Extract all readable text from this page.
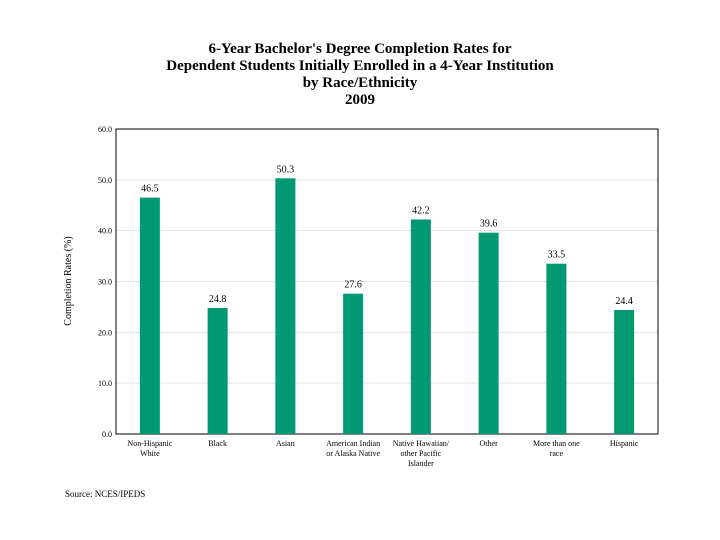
6-Year Bachelor's Degree Completion Rates for
Dependent Students Initially Enrolled in a 4-Year Institution
by Race/Ethnicity
2009
0.0
10.0
20.0
30.0
40.0
50.0
60.0
46.5
24.8
50.3
27.6
42.2
39.6
33.5
24.4
Non-Hispanic
White
Black	Asian	American Indian
or Alaska Native
Native Hawaiian/
other Pacific
Islander
Other	More than one
race
Hispanic
Completion Rates (%)
Source: NCES/IPEDS
